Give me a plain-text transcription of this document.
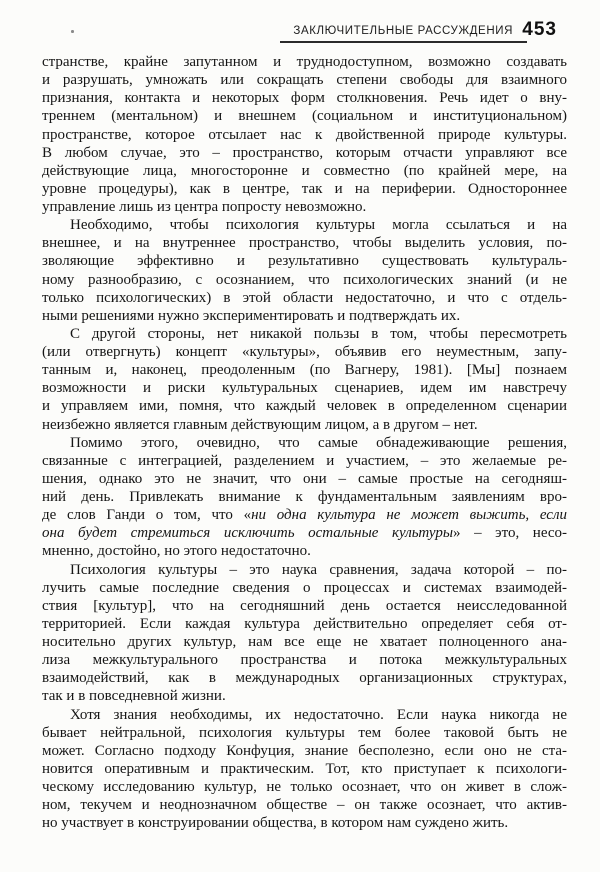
ЗАКЛЮЧИТЕЛЬНЫЕ РАССУЖДЕНИЯ 453
странстве, крайне запутанном и труднодоступном, возможно создавать
и разрушать, умножать или сокращать степени свободы для взаимного
признания, контакта и некоторых форм столкновения. Речь идет о вну-
треннем (ментальном) и внешнем (социальном и институциональном)
пространстве, которое отсылает нас к двойственной природе культуры.
В любом случае, это – пространство, которым отчасти управляют все
действующие лица, многосторонне и совместно (по крайней мере, на
уровне процедуры), как в центре, так и на периферии. Одностороннее
управление лишь из центра попросту невозможно.
Необходимо, чтобы психология культуры могла ссылаться и на
внешнее, и на внутреннее пространство, чтобы выделить условия, по-
зволяющие эффективно и результативно существовать культураль-
ному разнообразию, с осознанием, что психологических знаний (и не
только психологических) в этой области недостаточно, и что с отдель-
ными решениями нужно экспериментировать и подтверждать их.
С другой стороны, нет никакой пользы в том, чтобы пересмотреть
(или отвергнуть) концепт «культуры», объявив его неуместным, запу-
танным и, наконец, преодоленным (по Вагнеру, 1981). [Мы] познаем
возможности и риски культуральных сценариев, идем им навстречу
и управляем ими, помня, что каждый человек в определенном сценарии
неизбежно является главным действующим лицом, а в другом – нет.
Помимо этого, очевидно, что самые обнадеживающие решения,
связанные с интеграцией, разделением и участием, – это желаемые ре-
шения, однако это не значит, что они – самые простые на сегодняш-
ний день. Привлекать внимание к фундаментальным заявлениям вро-
де слов Ганди о том, что «ни одна культура не может выжить, если
она будет стремиться исключить остальные культуры» – это, несо-
мненно, достойно, но этого недостаточно.
Психология культуры – это наука сравнения, задача которой – по-
лучить самые последние сведения о процессах и системах взаимодей-
ствия [культур], что на сегодняшний день остается неисследованной
территорией. Если каждая культура действительно определяет себя от-
носительно других культур, нам все еще не хватает полноценного ана-
лиза межкультурального пространства и потока межкультуральных
взаимодействий, как в международных организационных структурах,
так и в повседневной жизни.
Хотя знания необходимы, их недостаточно. Если наука никогда не
бывает нейтральной, психология культуры тем более таковой быть не
может. Согласно подходу Конфуция, знание бесполезно, если оно не ста-
новится оперативным и практическим. Тот, кто приступает к психологи-
ческому исследованию культур, не только осознает, что он живет в слож-
ном, текучем и неоднозначном обществе – он также осознает, что актив-
но участвует в конструировании общества, в котором нам суждено жить.
